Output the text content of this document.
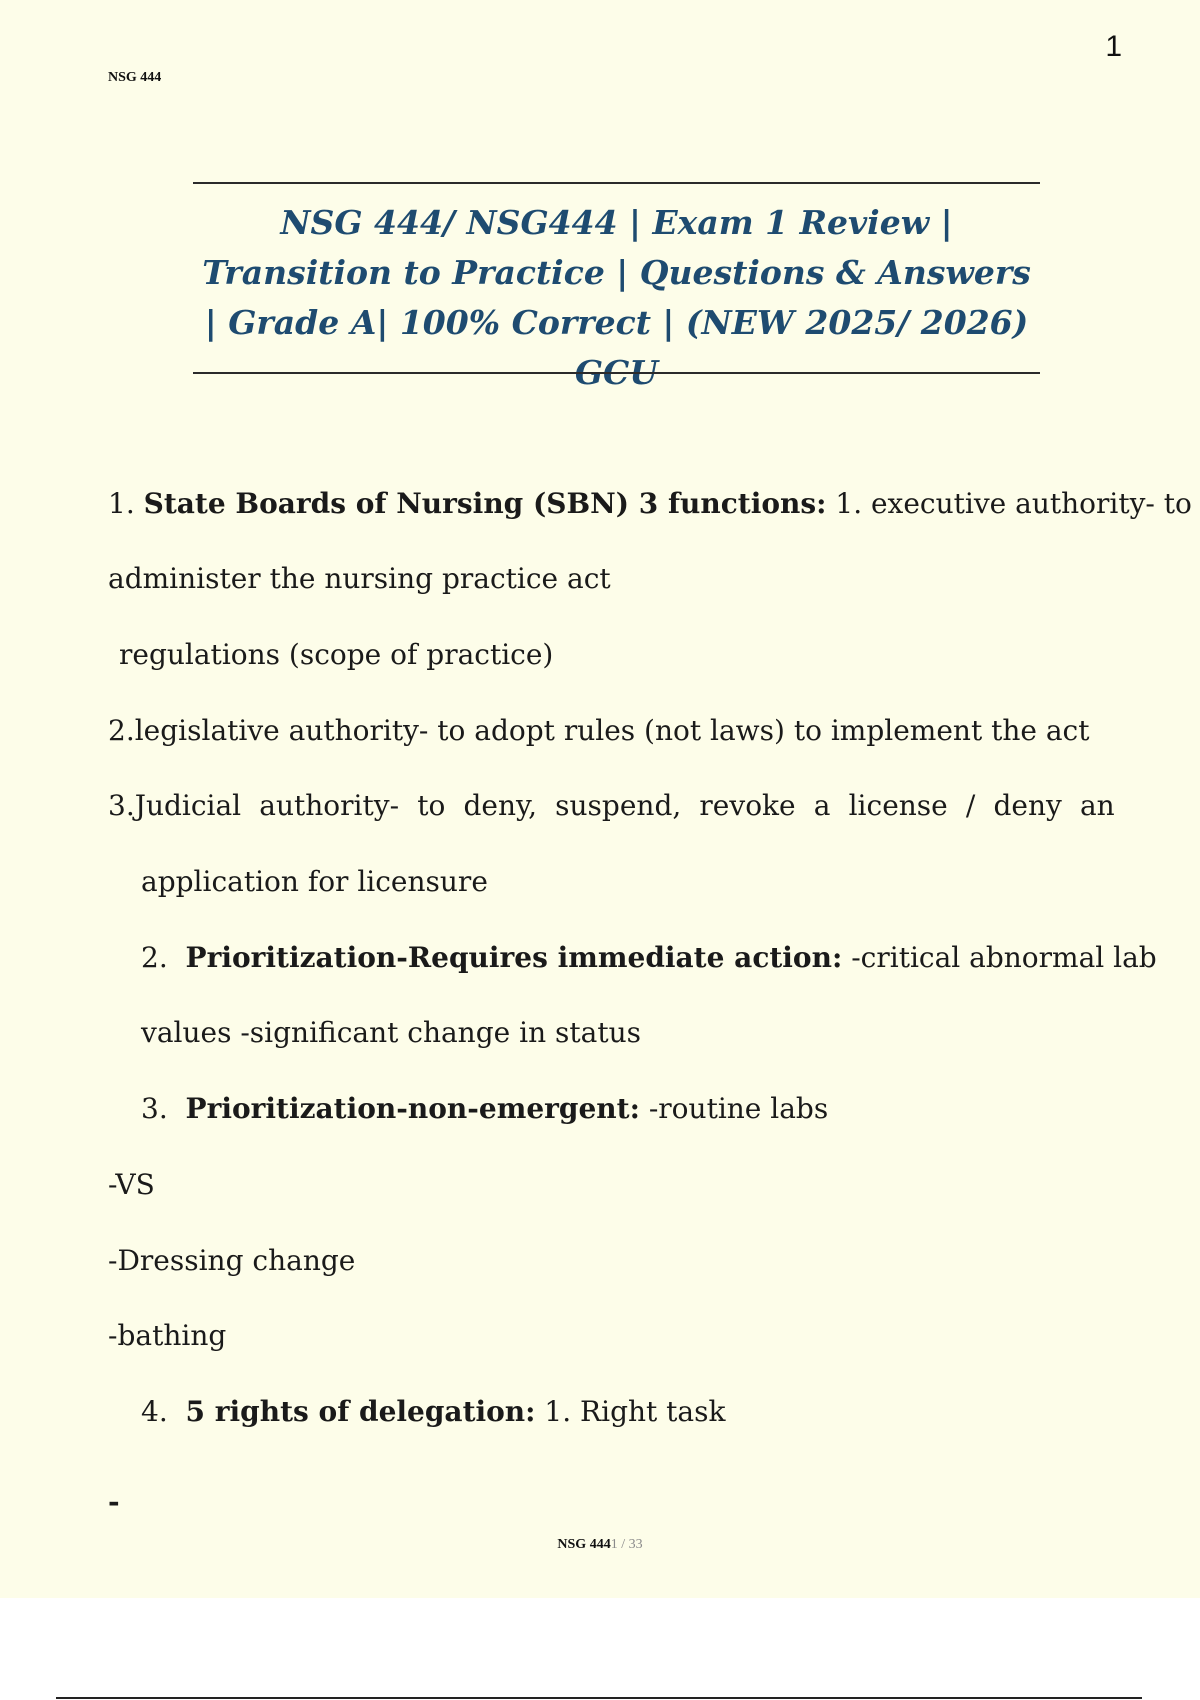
1
NSG 444
NSG 444/ NSG444 | Exam 1 Review | Transition to Practice | Questions & Answers | Grade A| 100% Correct | (NEW 2025/ 2026) GCU
1. State Boards of Nursing (SBN) 3 functions: 1. executive authority- to
administer the nursing practice act
regulations (scope of practice)
2.legislative authority- to adopt rules (not laws) to implement the act
3.Judicial authority- to deny, suspend, revoke a license / deny an
application for licensure
2. Prioritization-Requires immediate action: -critical abnormal lab
values -significant change in status
3. Prioritization-non-emergent: -routine labs
-VS
-Dressing change
-bathing
4. 5 rights of delegation: 1. Right task
-
NSG 4441 / 33
